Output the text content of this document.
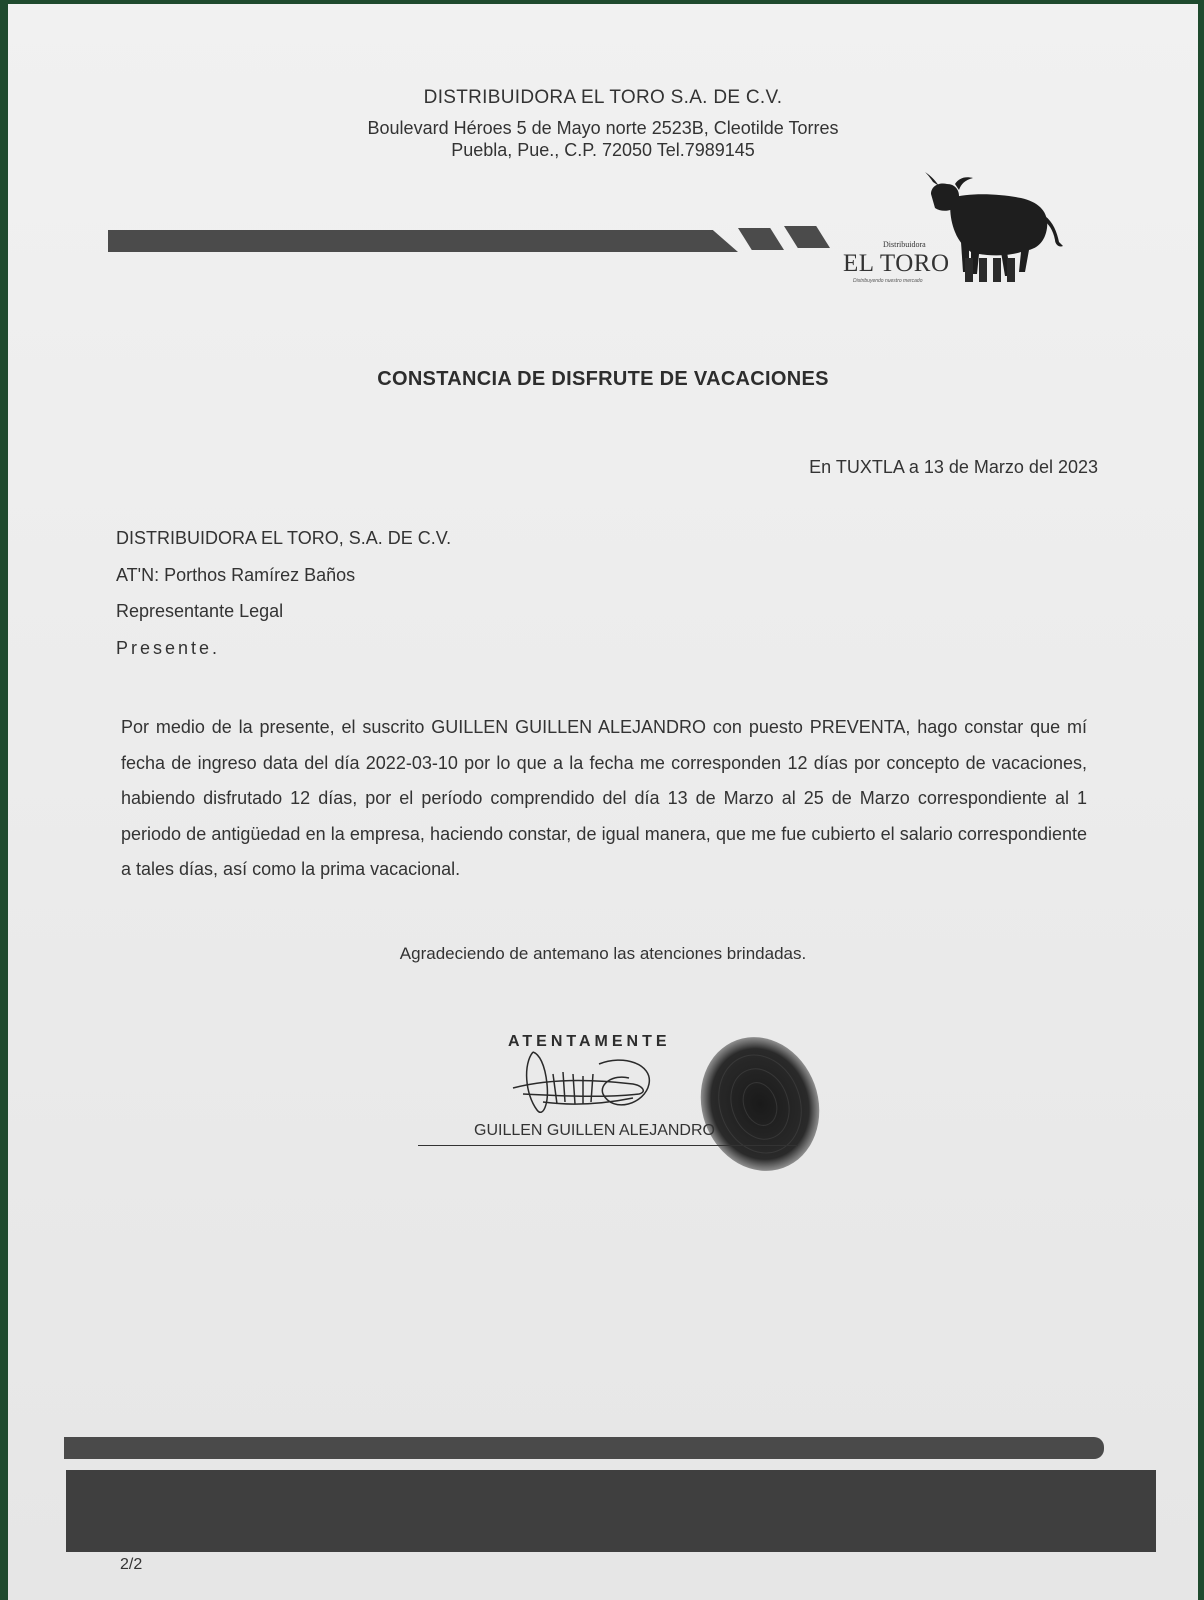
DISTRIBUIDORA EL TORO S.A. DE C.V.
Boulevard Héroes 5 de Mayo norte 2523B, Cleotilde Torres
Puebla, Pue., C.P. 72050 Tel.7989145
Distribuidora
EL TORO
Distribuyendo nuestro mercado
CONSTANCIA DE DISFRUTE DE VACACIONES
En TUXTLA a 13 de Marzo del 2023
DISTRIBUIDORA EL TORO, S.A. DE C.V.
AT'N: Porthos Ramírez Baños
Representante Legal
Presente.
Por medio de la presente, el suscrito GUILLEN GUILLEN ALEJANDRO con puesto PREVENTA, hago constar que mí fecha de ingreso data del día 2022-03-10 por lo que a la fecha me corresponden 12 días por concepto de vacaciones, habiendo disfrutado 12 días, por el período comprendido del día 13 de Marzo al 25 de Marzo correspondiente al 1 periodo de antigüedad en la empresa, haciendo constar, de igual manera, que me fue cubierto el salario correspondiente a tales días, así como la prima vacacional.
Agradeciendo de antemano las atenciones brindadas.
ATENTAMENTE
GUILLEN GUILLEN ALEJANDRO
2/2
